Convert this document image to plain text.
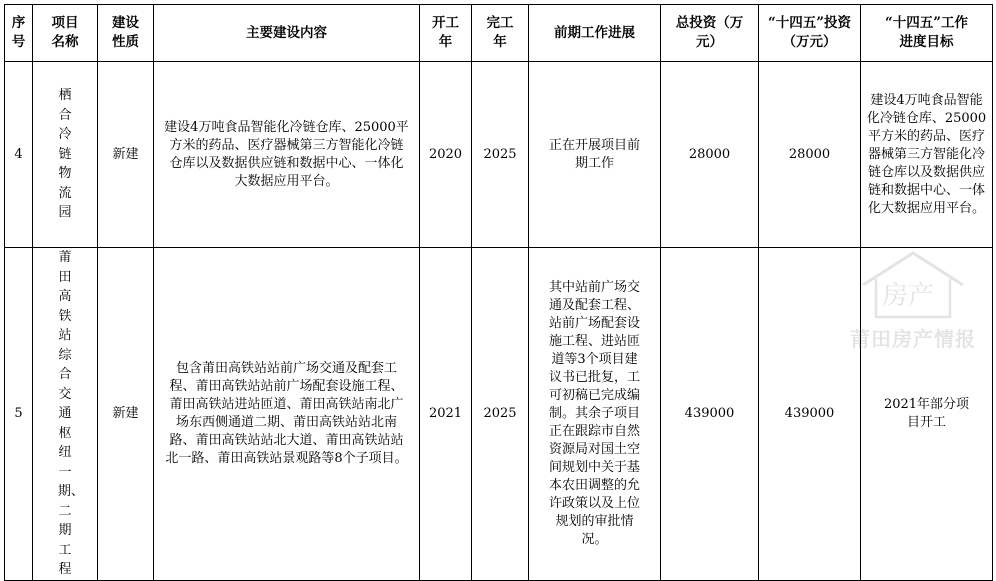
序号	项目名称	建设性质	主要建设内容	开工年	完工年	前期工作进展	总投资（万元）	“十四五”投资（万元）	“十四五”工作进度目标

4	栖合冷链物流园	新建	建设4万吨食品智能化冷链仓库、25000平方米的药品、医疗器械第三方智能化冷链仓库以及数据供应链和数据中心、一体化大数据应用平台。	2020	2025	正在开展项目前期工作	28000	28000	建设4万吨食品智能化冷链仓库、25000平方米的药品、医疗器械第三方智能化冷链仓库以及数据供应链和数据中心、一体化大数据应用平台。

5	莆田高铁站综合交通枢纽一期、二期工程	新建	包含莆田高铁站站前广场交通及配套工程、莆田高铁站站前广场配套设施工程、莆田高铁站进站匝道、莆田高铁站南北广场东西侧通道二期、莆田高铁站站北南路、莆田高铁站站北大道、莆田高铁站站北一路、莆田高铁站景观路等8个子项目。	2021	2025	其中站前广场交通及配套工程、站前广场配套设施工程、进站匝道等3个项目建议书已批复，工可初稿已完成编制。其余子项目正在跟踪市自然资源局对国土空间规划中关于基本农田调整的允许政策以及上位规划的审批情况。	439000	439000	2021年部分项目开工
房产
莆田房产情报
